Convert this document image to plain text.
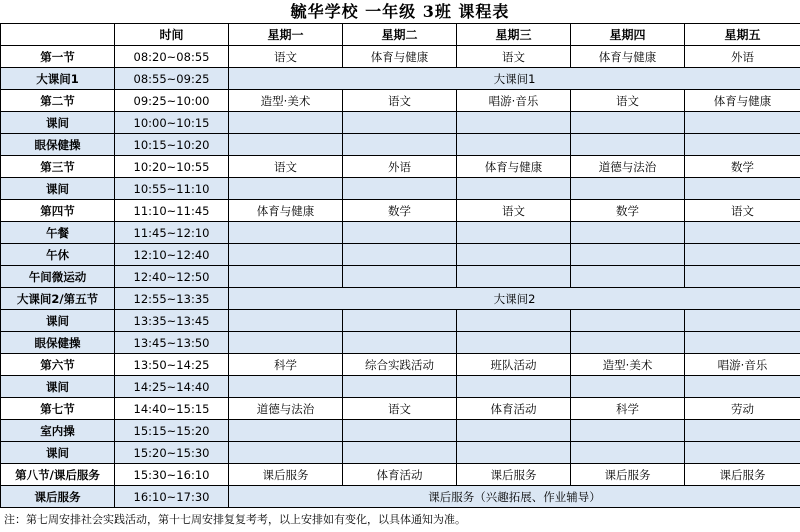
毓华学校 一年级 3班 课程表
	时间	星期一	星期二	星期三	星期四	星期五
第一节	08:20~08:55	语文	体育与健康	语文	体育与健康	外语
大课间1	08:55~09:25	大课间1				
第二节	09:25~10:00	造型·美术	语文	唱游·音乐	语文	体育与健康
课间	10:00~10:15					
眼保健操	10:15~10:20					
第三节	10:20~10:55	语文	外语	体育与健康	道德与法治	数学
课间	10:55~11:10					
第四节	11:10~11:45	体育与健康	数学	语文	数学	语文
午餐	11:45~12:10					
午休	12:10~12:40					
午间微运动	12:40~12:50					
大课间2/第五节	12:55~13:35	大课间2				
课间	13:35~13:45					
眼保健操	13:45~13:50					
第六节	13:50~14:25	科学	综合实践活动	班队活动	造型·美术	唱游·音乐
课间	14:25~14:40					
第七节	14:40~15:15	道德与法治	语文	体育活动	科学	劳动
室内操	15:15~15:20					
课间	15:20~15:30					
第八节/课后服务	15:30~16:10	课后服务	体育活动	课后服务	课后服务	课后服务
课后服务	16:10~17:30	课后服务（兴趣拓展、作业辅导）				
注：第七周安排社会实践活动，第十七周安排复复考考，以上安排如有变化，以具体通知为准。
